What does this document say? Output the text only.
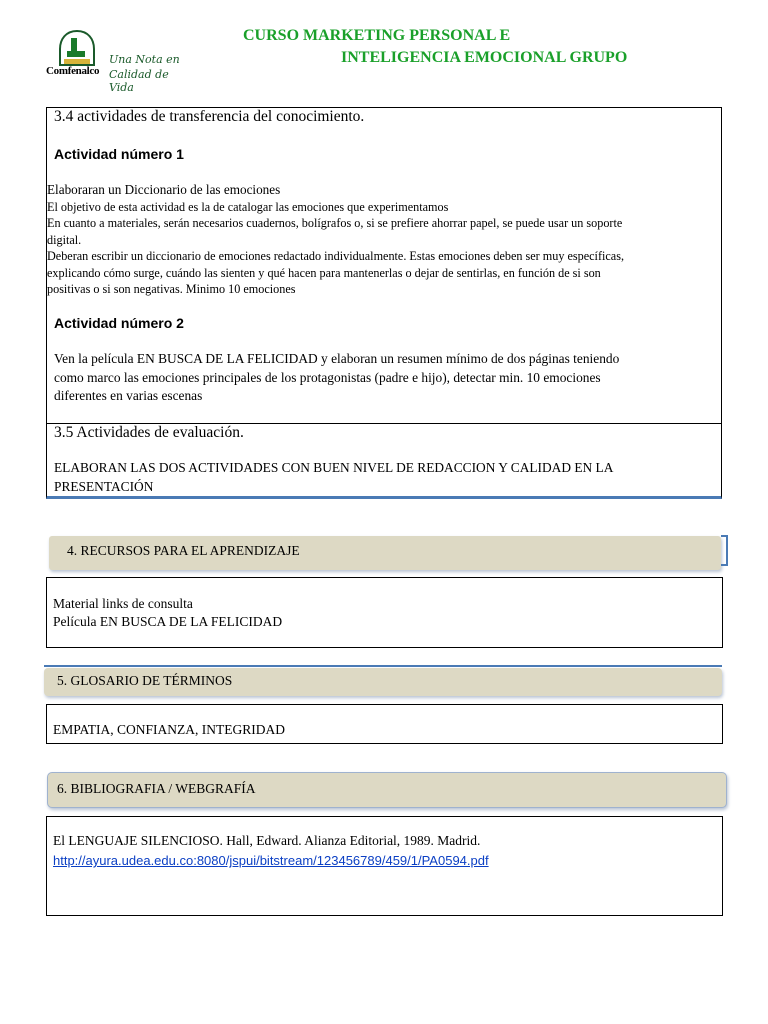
Comfenalco
Una Nota en
Calidad de Vida
CURSO MARKETING PERSONAL E
INTELIGENCIA EMOCIONAL GRUPO
3.4 actividades de transferencia del conocimiento.
Actividad número 1
Elaboraran un Diccionario de las emociones
El objetivo de esta actividad es la de catalogar las emociones que experimentamos
En cuanto a materiales, serán necesarios cuadernos, bolígrafos o, si se prefiere ahorrar papel, se puede usar un soporte
digital.
Deberan escribir un diccionario de emociones redactado individualmente. Estas emociones deben ser muy específicas,
explicando cómo surge, cuándo las sienten y qué hacen para mantenerlas o dejar de sentirlas, en función de si son
positivas o si son negativas. Minimo 10 emociones
Actividad número 2
Ven la película EN BUSCA DE LA FELICIDAD y elaboran un resumen mínimo de dos páginas teniendo
como marco las emociones principales de los protagonistas (padre e hijo), detectar min. 10 emociones
diferentes en varias escenas
3.5 Actividades de evaluación.
ELABORAN LAS DOS ACTIVIDADES CON BUEN NIVEL DE REDACCION Y CALIDAD EN LA
PRESENTACIÓN
4. RECURSOS PARA EL APRENDIZAJE
Material links de consulta
Película EN BUSCA DE LA FELICIDAD
5. GLOSARIO DE TÉRMINOS
EMPATIA, CONFIANZA, INTEGRIDAD
6. BIBLIOGRAFIA / WEBGRAFÍA
El LENGUAJE SILENCIOSO. Hall, Edward. Alianza Editorial, 1989. Madrid.
http://ayura.udea.edu.co:8080/jspui/bitstream/123456789/459/1/PA0594.pdf
